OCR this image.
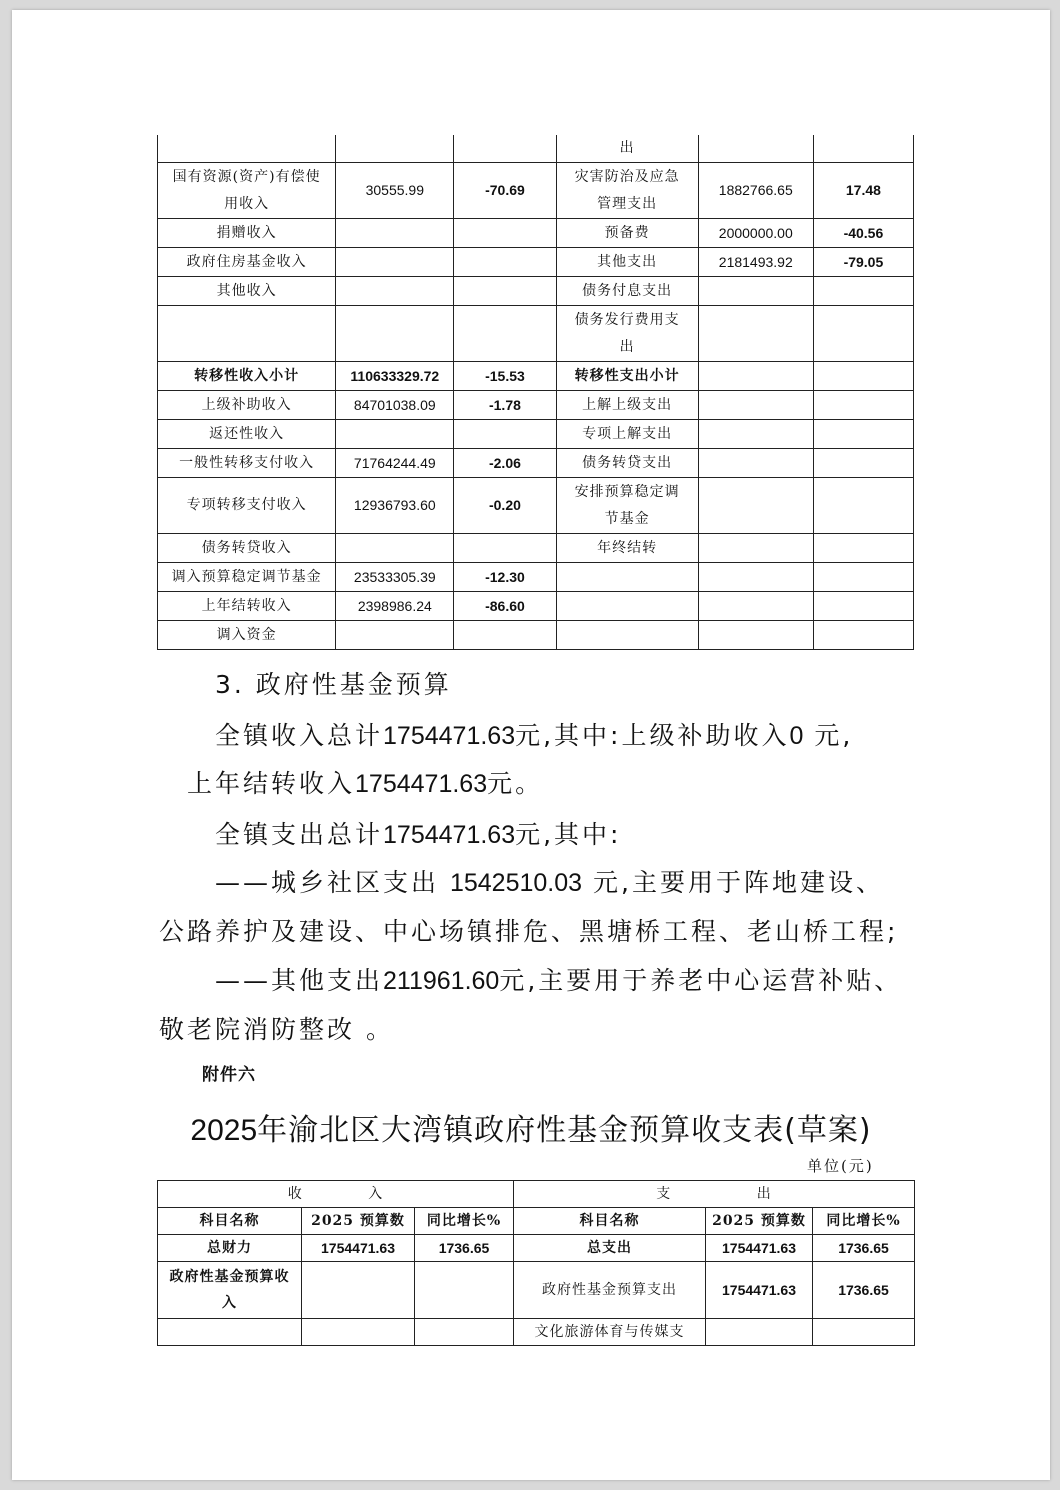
			出		
国有资源(资产)有偿使用收入	30555.99	-70.69	灾害防治及应急管理支出	1882766.65	17.48
捐赠收入			预备费	2000000.00	-40.56
政府住房基金收入			其他支出	2181493.92	-79.05
其他收入			债务付息支出		
			债务发行费用支出		
转移性收入小计	110633329.72	-15.53	转移性支出小计		
上级补助收入	84701038.09	-1.78	上解上级支出		
返还性收入			专项上解支出		
一般性转移支付收入	71764244.49	-2.06	债务转贷支出		
专项转移支付收入	12936793.60	-0.20	安排预算稳定调节基金		
债务转贷收入			年终结转		
调入预算稳定调节基金	23533305.39	-12.30			
上年结转收入	2398986.24	-86.60			
调入资金					
3. 政府性基金预算
全镇收入总计1754471.63元,其中:上级补助收入0 元,
上年结转收入1754471.63元。
全镇支出总计1754471.63元,其中:
——城乡社区支出 1542510.03 元,主要用于阵地建设、
公路养护及建设、中心场镇排危、黑塘桥工程、老山桥工程;
——其他支出211961.60元,主要用于养老中心运营补贴、
敬老院消防整改 。
附件六
2025年渝北区大湾镇政府性基金预算收支表(草案)
单位(元)
收 入			支 出		
科目名称	2025 预算数	同比增长%	科目名称	2025 预算数	同比增长%
总财力	1754471.63	1736.65	总支出	1754471.63	1736.65
政府性基金预算收入			政府性基金预算支出	1754471.63	1736.65
			文化旅游体育与传媒支		
